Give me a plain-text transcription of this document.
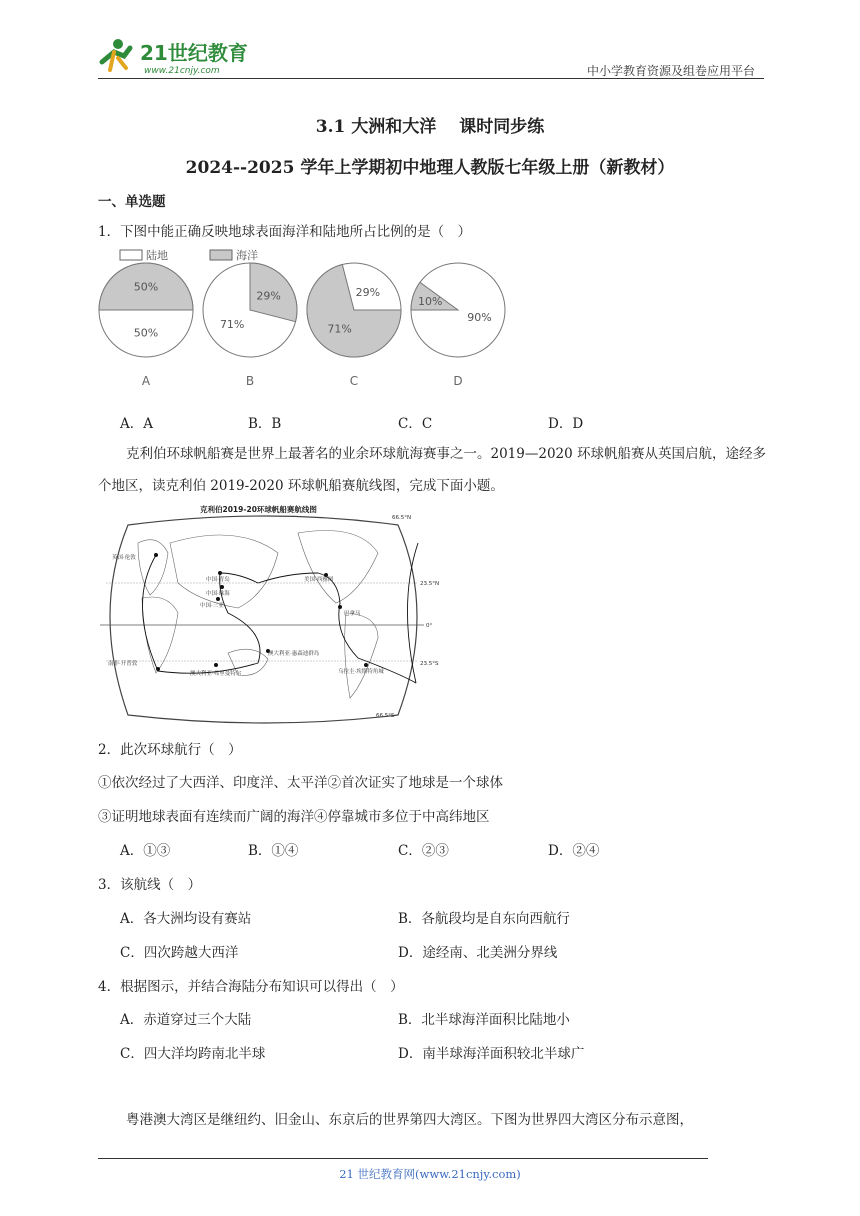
21世纪教育
www.21cnjy.com	中小学教育资源及组卷应用平台
3.1 大洲和大洋　 课时同步练
2024--2025 学年上学期初中地理人教版七年级上册（新教材）
一、单选题
1．下图中能正确反映地球表面海洋和陆地所占比例的是（　）
陆地	海洋
50%
50%
A
29%
71%
B
71%
29%
C
10%
90%
D
A．A	B．B	C．C	D．D
克利伯环球帆船赛是世界上最著名的业余环球航海赛事之一。2019—2020 环球帆船赛从英国启航，途经多个地区，读克利伯 2019-2020 环球帆船赛航线图，完成下面小题。
克利伯2019-20环球帆船赛航线图
66.5°N
23.5°N
0°
23.5°S
66.5°S
英国·伦敦
中国·青岛
中国·珠海
中国·三亚
美国·西雅图
巴拿马
澳大利亚·惠森迪群岛
澳大利亚·弗里曼特尔
南非·开普敦
乌拉圭·埃斯特角城
2．此次环球航行（　）
①依次经过了大西洋、印度洋、太平洋②首次证实了地球是一个球体
③证明地球表面有连续而广阔的海洋④停靠城市多位于中高纬地区
A．①③	B．①④	C．②③	D．②④
3．该航线（　）
A．各大洲均设有赛站	B．各航段均是自东向西航行
C．四次跨越大西洋	D．途经南、北美洲分界线
4．根据图示，并结合海陆分布知识可以得出（　）
A．赤道穿过三个大陆	B．北半球海洋面积比陆地小
C．四大洋均跨南北半球	D．南半球海洋面积较北半球广
粤港澳大湾区是继纽约、旧金山、东京后的世界第四大湾区。下图为世界四大湾区分布示意图，
21 世纪教育网(www.21cnjy.com)
